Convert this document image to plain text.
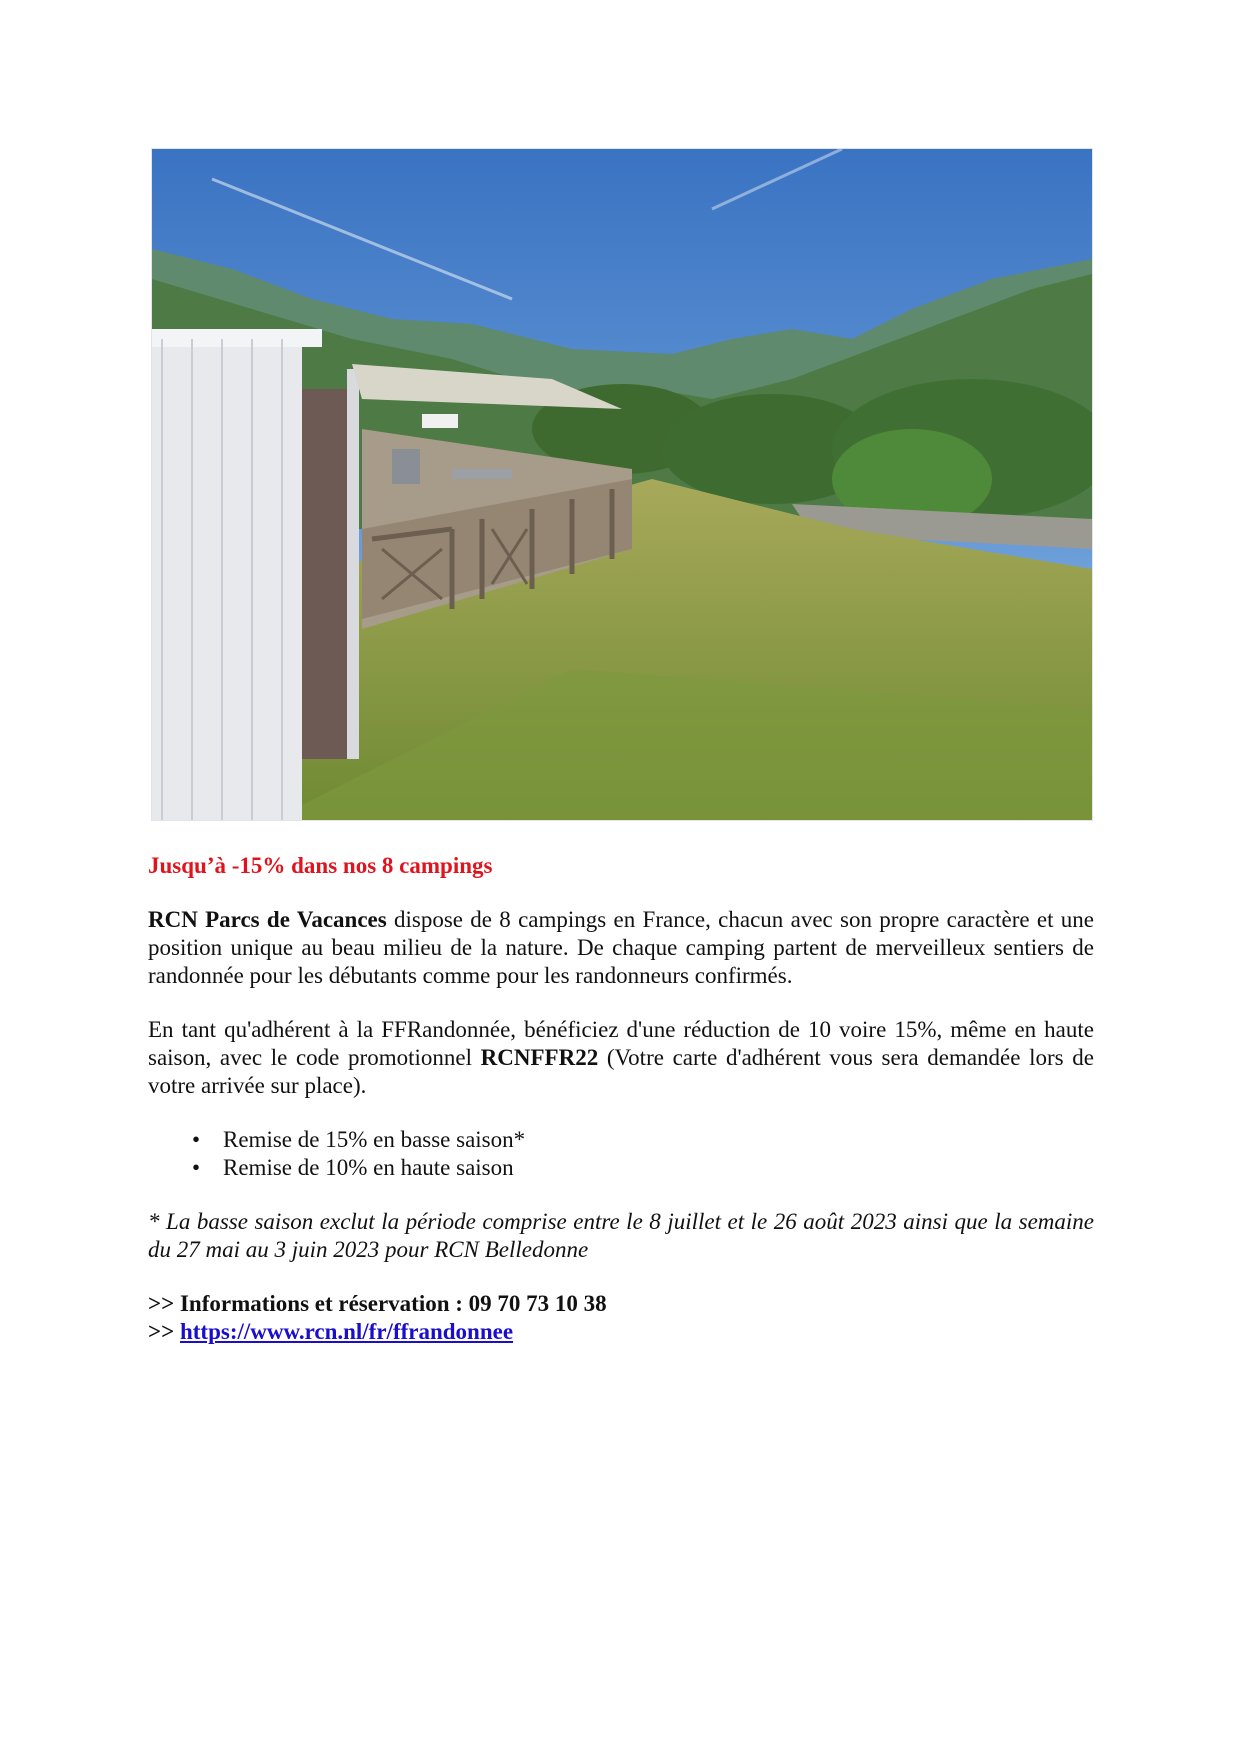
Jusqu’à -15% dans nos 8 campings

RCN Parcs de Vacances dispose de 8 campings en France, chacun avec son propre caractère et une position unique au beau milieu de la nature. De chaque camping partent de merveilleux sentiers de randonnée pour les débutants comme pour les randonneurs confirmés.

En tant qu'adhérent à la FFRandonnée, bénéficiez d'une réduction de 10 voire 15%, même en haute saison, avec le code promotionnel RCNFFR22 (Votre carte d'adhérent vous sera demandée lors de votre arrivée sur place).

• Remise de 15% en basse saison*
• Remise de 10% en haute saison

* La basse saison exclut la période comprise entre le 8 juillet et le 26 août 2023 ainsi que la semaine du 27 mai au 3 juin 2023 pour RCN Belledonne

>> Informations et réservation : 09 70 73 10 38

>> https://www.rcn.nl/fr/ffrandonnee
